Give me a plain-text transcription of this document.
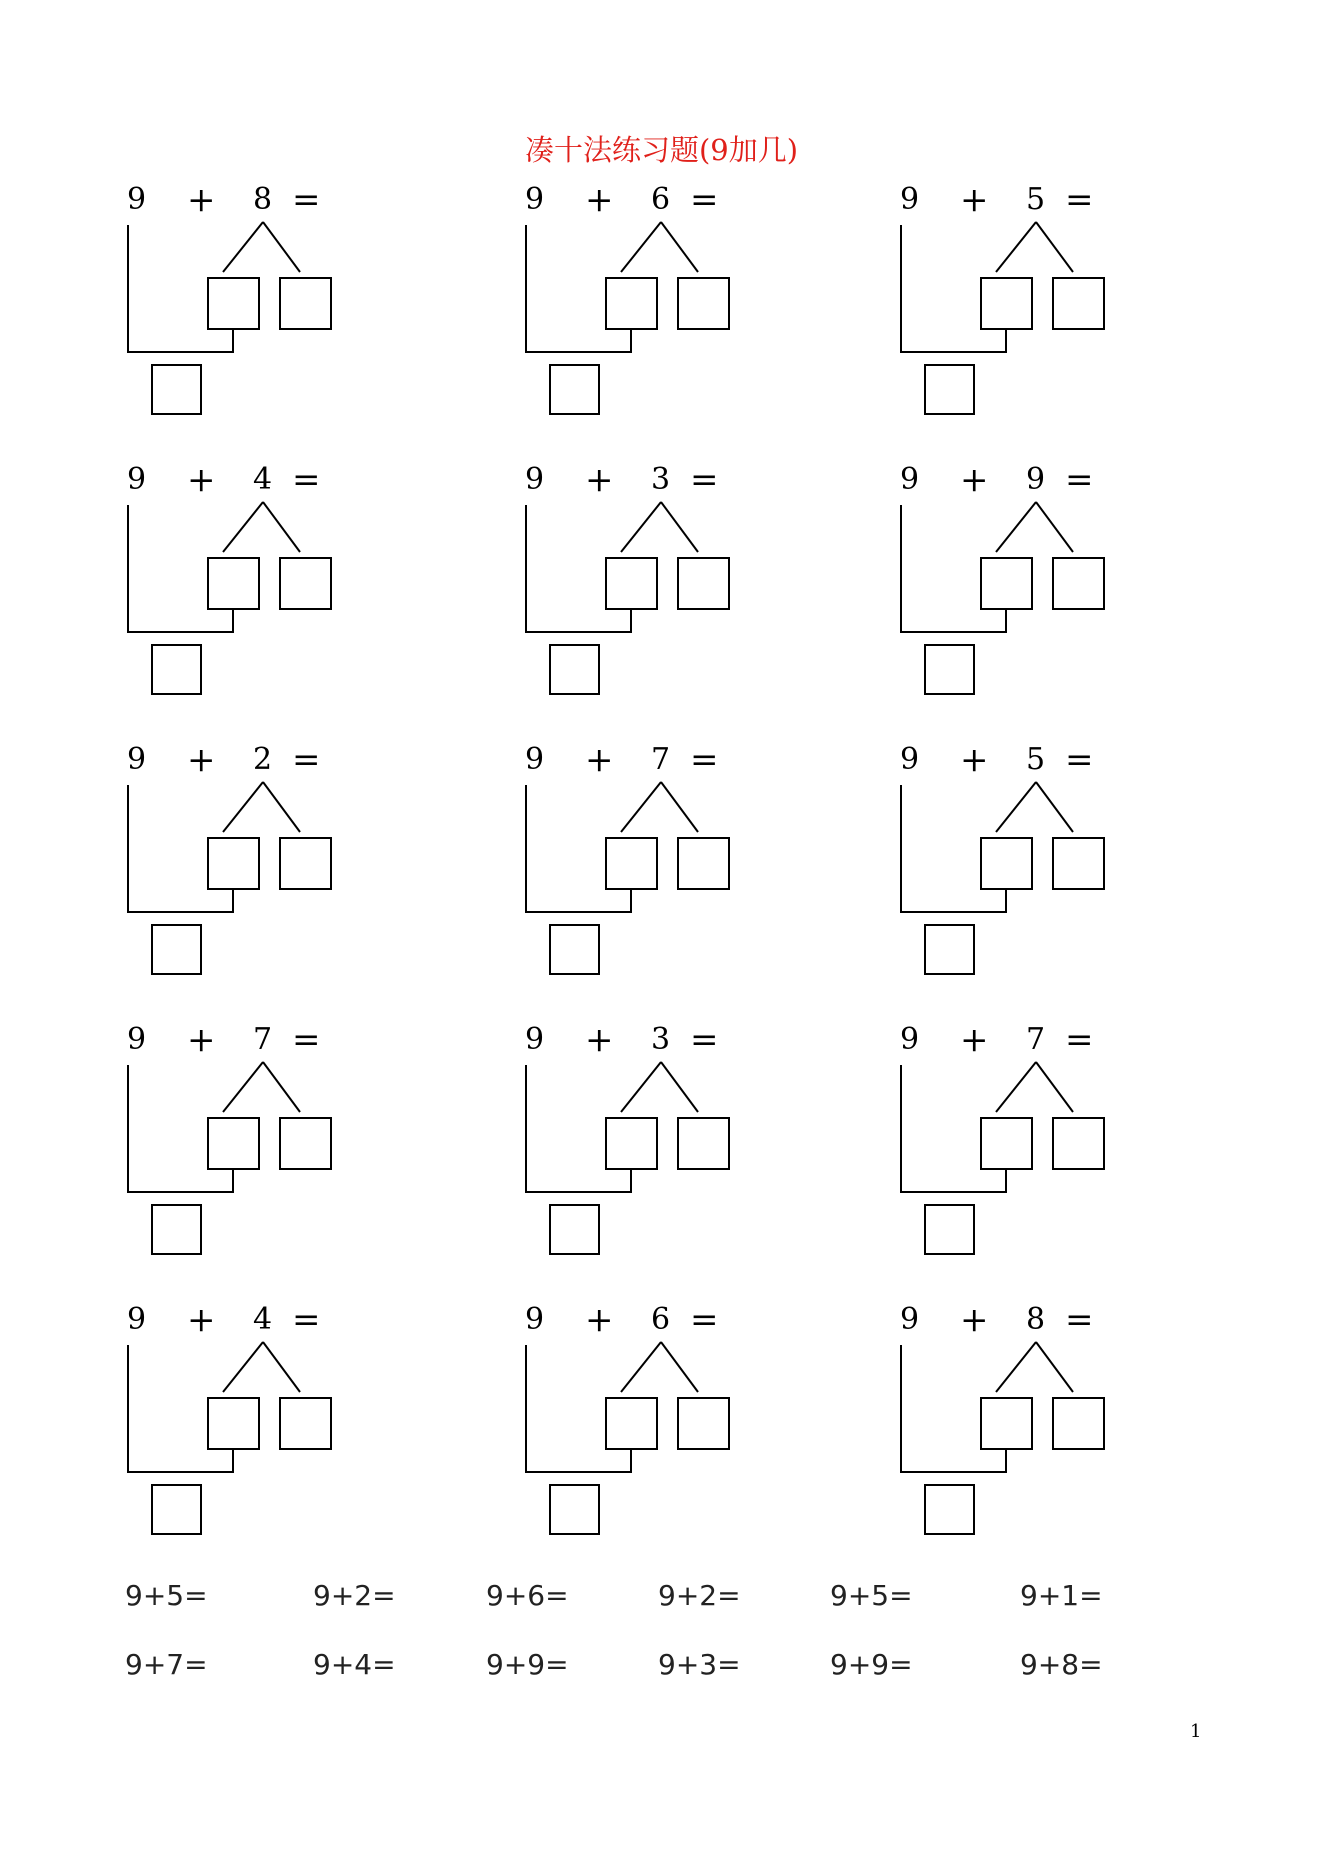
凑十法练习题(9加几)
9 + 8 =	9 + 6 =	9 + 5 =
9 + 4 =	9 + 3 =	9 + 9 =
9 + 2 =	9 + 7 =	9 + 5 =
9 + 7 =	9 + 3 =	9 + 7 =
9 + 4 =	9 + 6 =	9 + 8 =
9+5=	9+2=	9+6=	9+2=	9+5=	9+1=
9+7=	9+4=	9+9=	9+3=	9+9=	9+8=
1
